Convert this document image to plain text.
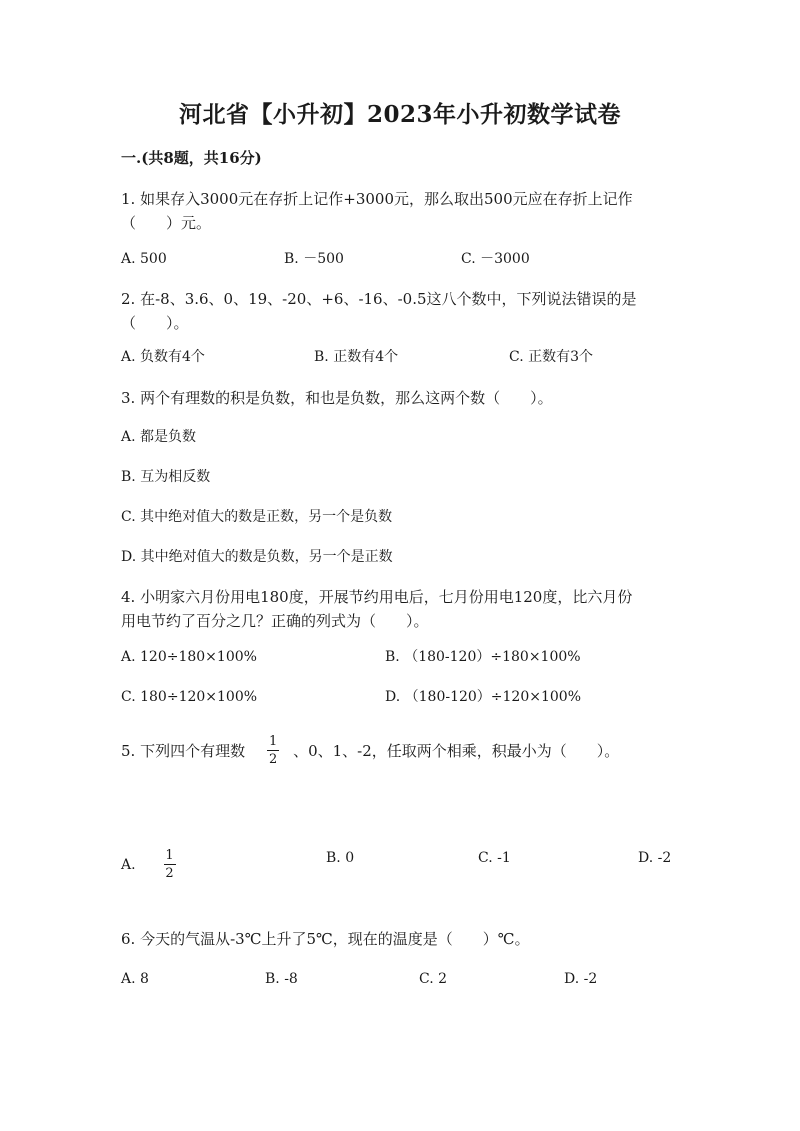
河北省【小升初】2023年小升初数学试卷
一.(共8题，共16分)
1. 如果存入3000元在存折上记作+3000元，那么取出500元应在存折上记作
（　　）元。
A. 500	B. －500	C. －3000
2. 在-8、3.6、0、19、-20、+6、-16、-0.5这八个数中，下列说法错误的是
（　　）。
A. 负数有4个	B. 正数有4个	C. 正数有3个
3. 两个有理数的积是负数，和也是负数，那么这两个数（　　）。
A. 都是负数
B. 互为相反数
C. 其中绝对值大的数是正数，另一个是负数
D. 其中绝对值大的数是负数，另一个是正数
4. 小明家六月份用电180度，开展节约用电后，七月份用电120度，比六月份
用电节约了百分之几？正确的列式为（　　）。
A. 120÷180×100%	B. （180-120）÷180×100%
C. 180÷120×100%	D. （180-120）÷120×100%
5. 下列四个有理数 $\frac{1}{2}$ 、0、1、-2，任取两个相乘，积最小为（　　）。
A. $\frac{1}{2}$	B. 0	C. -1	D. -2
6. 今天的气温从-3℃上升了5℃，现在的温度是（　　）℃。
A. 8	B. -8	C. 2	D. -2
